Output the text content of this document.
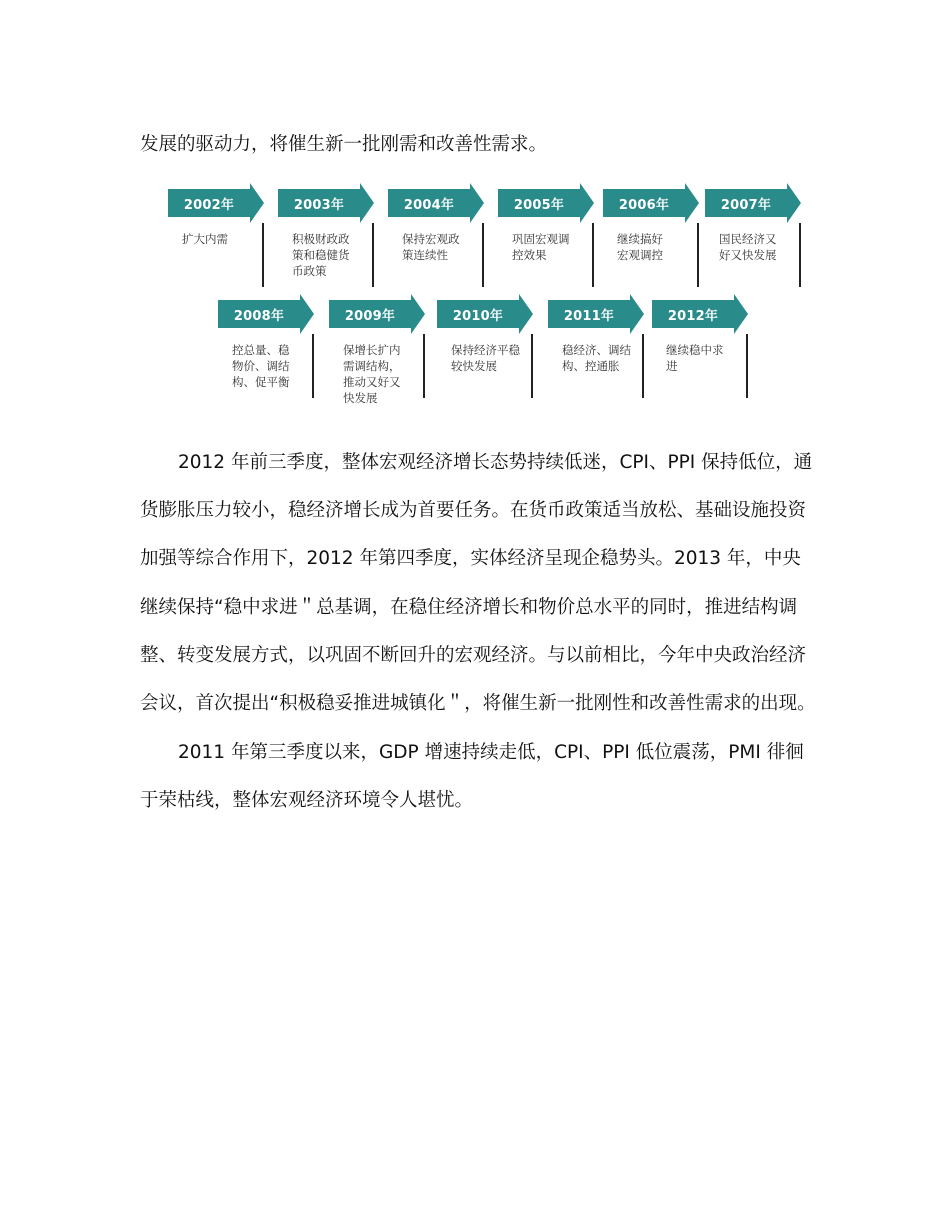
发展的驱动力，将催生新一批刚需和改善性需求。
2002年
扩大内需
2003年
积极财政政
策和稳健货
币政策
2004年
保持宏观政
策连续性
2005年
巩固宏观调
控效果
2006年
继续搞好
宏观调控
2007年
国民经济又
好又快发展
2008年
控总量、稳
物价、调结
构、促平衡
2009年
保增长扩内
需调结构，
推动又好又
快发展
2010年
保持经济平稳
较快发展
2011年
稳经济、调结
构、控通胀
2012年
继续稳中求
进
2012 年前三季度，整体宏观经济增长态势持续低迷，CPI、PPI 保持低位，通
货膨胀压力较小，稳经济增长成为首要任务。在货币政策适当放松、基础设施投资
加强等综合作用下，2012 年第四季度，实体经济呈现企稳势头。2013 年，中央
继续保持“稳中求进＂总基调，在稳住经济增长和物价总水平的同时，推进结构调
整、转变发展方式，以巩固不断回升的宏观经济。与以前相比，今年中央政治经济
会议，首次提出“积极稳妥推进城镇化＂，将催生新一批刚性和改善性需求的出现。
2011 年第三季度以来，GDP 增速持续走低，CPI、PPI 低位震荡，PMI 徘徊
于荣枯线，整体宏观经济环境令人堪忧。
